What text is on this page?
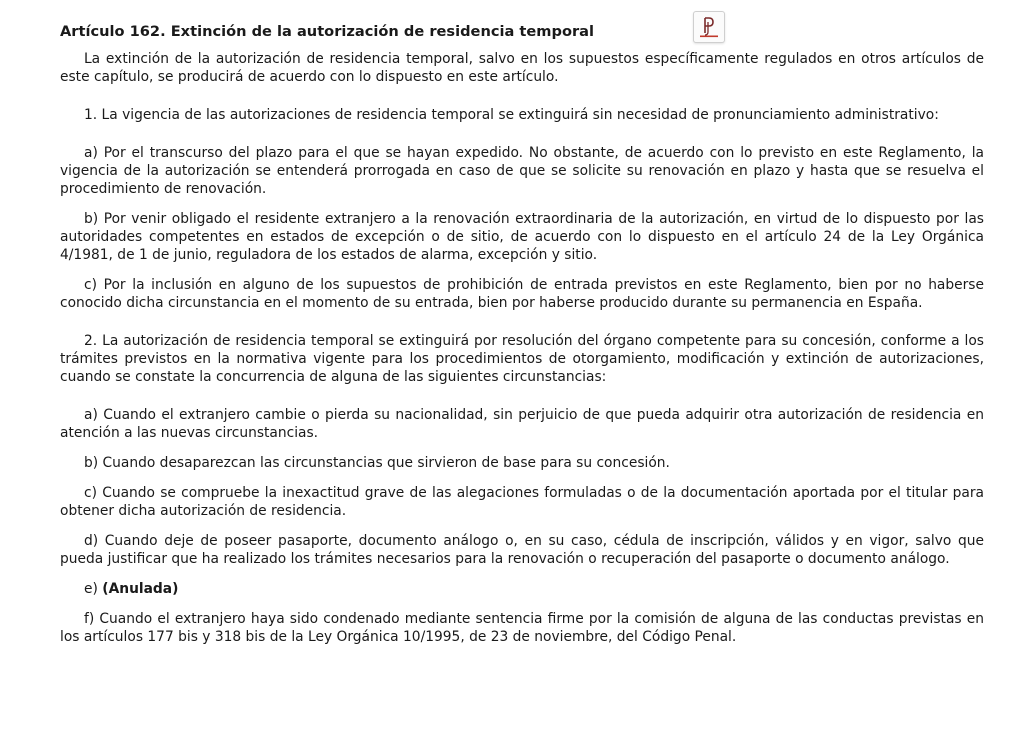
Artículo 162. Extinción de la autorización de residencia temporal

La extinción de la autorización de residencia temporal, salvo en los supuestos específicamente regulados en otros artículos de este capítulo, se producirá de acuerdo con lo dispuesto en este artículo.

1. La vigencia de las autorizaciones de residencia temporal se extinguirá sin necesidad de pronunciamiento administrativo:

a) Por el transcurso del plazo para el que se hayan expedido. No obstante, de acuerdo con lo previsto en este Reglamento, la vigencia de la autorización se entenderá prorrogada en caso de que se solicite su renovación en plazo y hasta que se resuelva el procedimiento de renovación.

b) Por venir obligado el residente extranjero a la renovación extraordinaria de la autorización, en virtud de lo dispuesto por las autoridades competentes en estados de excepción o de sitio, de acuerdo con lo dispuesto en el artículo 24 de la Ley Orgánica 4/1981, de 1 de junio, reguladora de los estados de alarma, excepción y sitio.

c) Por la inclusión en alguno de los supuestos de prohibición de entrada previstos en este Reglamento, bien por no haberse conocido dicha circunstancia en el momento de su entrada, bien por haberse producido durante su permanencia en España.

2. La autorización de residencia temporal se extinguirá por resolución del órgano competente para su concesión, conforme a los trámites previstos en la normativa vigente para los procedimientos de otorgamiento, modificación y extinción de autorizaciones, cuando se constate la concurrencia de alguna de las siguientes circunstancias:

a) Cuando el extranjero cambie o pierda su nacionalidad, sin perjuicio de que pueda adquirir otra autorización de residencia en atención a las nuevas circunstancias.

b) Cuando desaparezcan las circunstancias que sirvieron de base para su concesión.

c) Cuando se compruebe la inexactitud grave de las alegaciones formuladas o de la documentación aportada por el titular para obtener dicha autorización de residencia.

d) Cuando deje de poseer pasaporte, documento análogo o, en su caso, cédula de inscripción, válidos y en vigor, salvo que pueda justificar que ha realizado los trámites necesarios para la renovación o recuperación del pasaporte o documento análogo.

e) (Anulada)

f) Cuando el extranjero haya sido condenado mediante sentencia firme por la comisión de alguna de las conductas previstas en los artículos 177 bis y 318 bis de la Ley Orgánica 10/1995, de 23 de noviembre, del Código Penal.
